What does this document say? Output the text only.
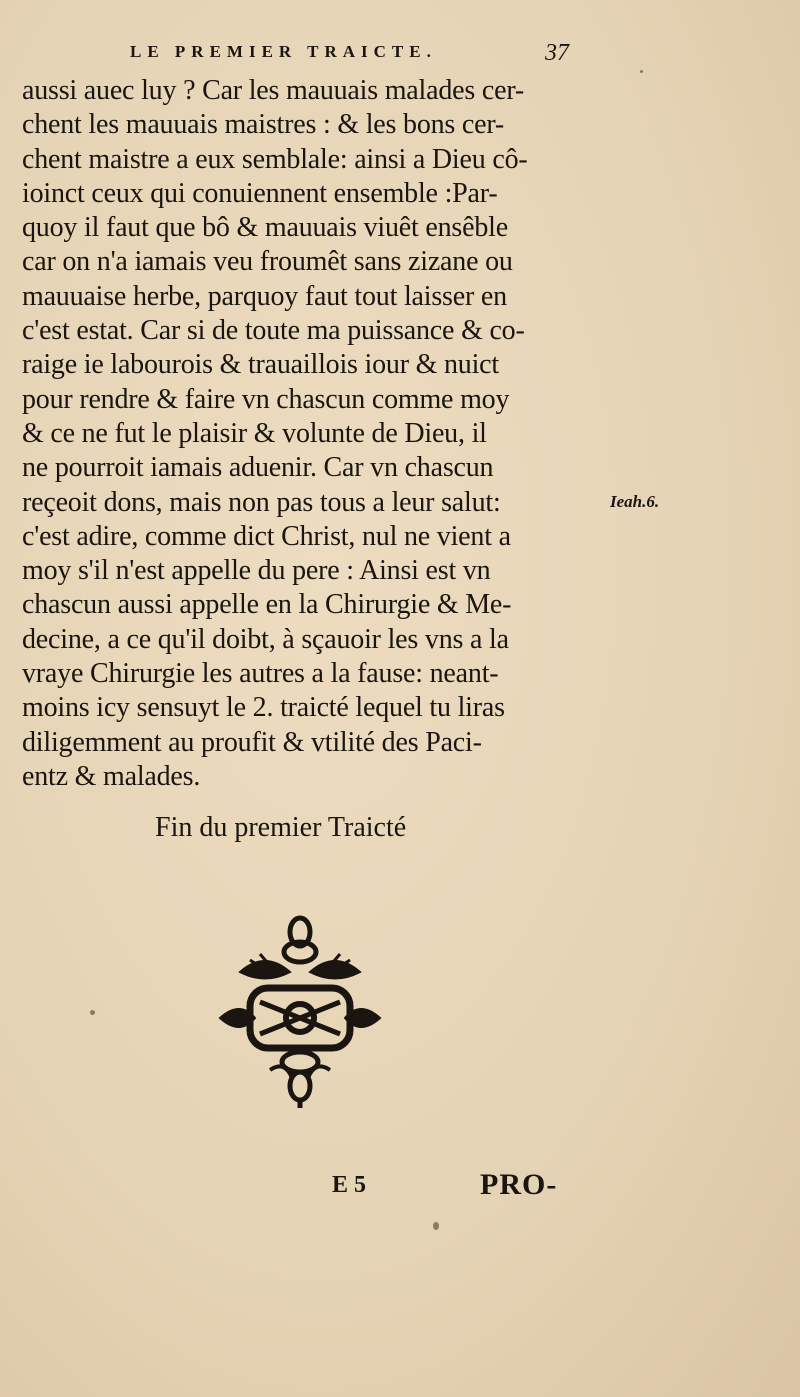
LE PREMIER TRAICTE.	37
aussi auec luy ? Car les mauuais malades cer-
chent les mauuais maistres : & les bons cer-
chent maistre a eux semblale: ainsi a Dieu cô-
ioinct ceux qui conuiennent ensemble :Par-
quoy il faut que bô & mauuais viuêt ensêble
car on n'a iamais veu froumêt sans zizane ou
mauuaise herbe, parquoy faut tout laisser en
c'est estat. Car si de toute ma puissance & co-
raige ie labourois & trauaillois iour & nuict
pour rendre & faire vn chascun comme moy
& ce ne fut le plaisir & volunte de Dieu, il
ne pourroit iamais aduenir. Car vn chascun
reçeoit dons, mais non pas tous a leur salut:
c'est adire, comme dict Christ, nul ne vient a
moy s'il n'est appelle du pere : Ainsi est vn
chascun aussi appelle en la Chirurgie & Me-
decine, a ce qu'il doibt, à sçauoir les vns a la
vraye Chirurgie les autres a la fause: neant-
moins icy sensuyt le 2. traicté lequel tu liras
diligemment au proufit & vtilité des Paci-
entz & malades.
Ieah.6.
Fin du premier Traicté
E 5	PRO-
